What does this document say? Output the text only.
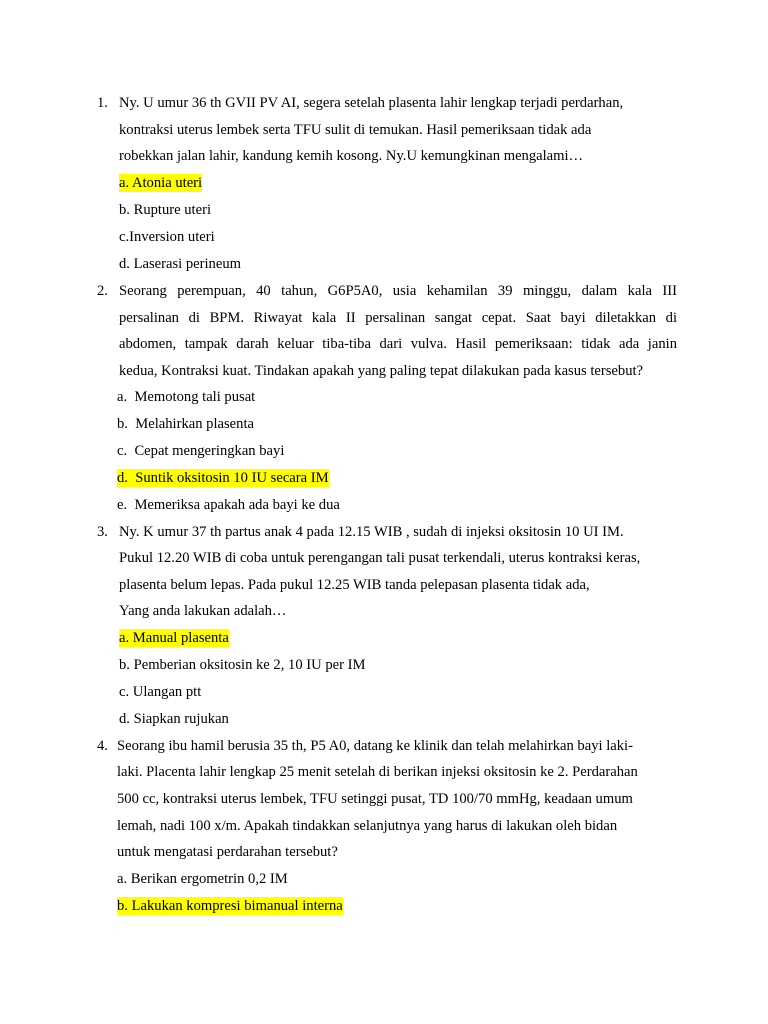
1. Ny. U umur 36 th GVII PV AI, segera setelah plasenta lahir lengkap terjadi perdarhan,
kontraksi uterus lembek serta TFU sulit di temukan. Hasil pemeriksaan tidak ada
robekkan jalan lahir, kandung kemih kosong. Ny.U kemungkinan mengalami…
a. Atonia uteri
b. Rupture uteri
c.Inversion uteri
d. Laserasi perineum
2. Seorang perempuan, 40 tahun, G6P5A0, usia kehamilan 39 minggu, dalam kala III
persalinan di BPM. Riwayat kala II persalinan sangat cepat. Saat bayi diletakkan di
abdomen, tampak darah keluar tiba-tiba dari vulva. Hasil pemeriksaan: tidak ada janin
kedua, Kontraksi kuat. Tindakan apakah yang paling tepat dilakukan pada kasus tersebut?
a. Memotong tali pusat
b. Melahirkan plasenta
c. Cepat mengeringkan bayi
d. Suntik oksitosin 10 IU secara IM
e. Memeriksa apakah ada bayi ke dua
3. Ny. K umur 37 th partus anak 4 pada 12.15 WIB , sudah di injeksi oksitosin 10 UI IM.
Pukul 12.20 WIB di coba untuk perengangan tali pusat terkendali, uterus kontraksi keras,
plasenta belum lepas. Pada pukul 12.25 WIB tanda pelepasan plasenta tidak ada,
Yang anda lakukan adalah…
a. Manual plasenta
b. Pemberian oksitosin ke 2, 10 IU per IM
c. Ulangan ptt
d. Siapkan rujukan
4. Seorang ibu hamil berusia 35 th, P5 A0, datang ke klinik dan telah melahirkan bayi laki-
laki. Placenta lahir lengkap 25 menit setelah di berikan injeksi oksitosin ke 2. Perdarahan
500 cc, kontraksi uterus lembek, TFU setinggi pusat, TD 100/70 mmHg, keadaan umum
lemah, nadi 100 x/m. Apakah tindakkan selanjutnya yang harus di lakukan oleh bidan
untuk mengatasi perdarahan tersebut?
a. Berikan ergometrin 0,2 IM
b. Lakukan kompresi bimanual interna
